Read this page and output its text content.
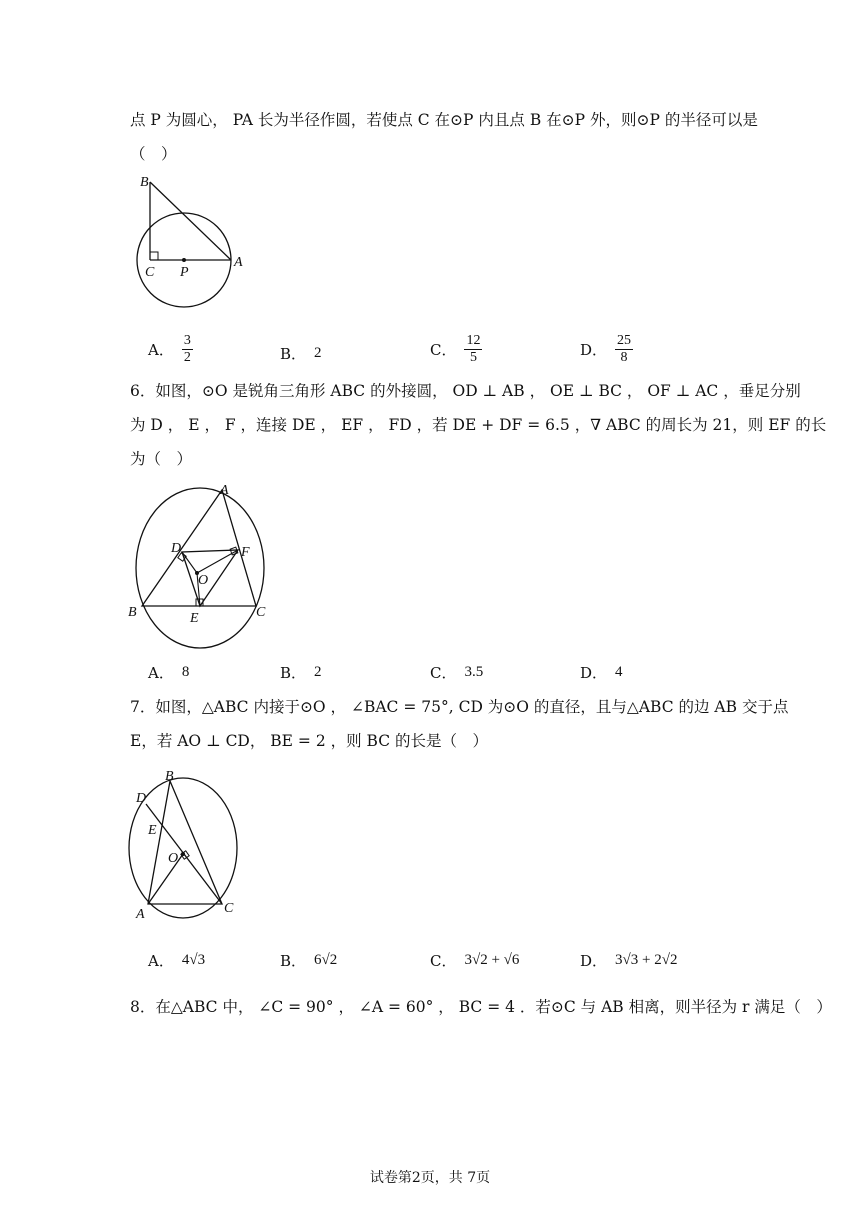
点 P 为圆心， PA 长为半径作圆，若使点 C 在⊙P 内且点 B 在⊙P 外，则⊙P 的半径可以是
（　）
B
C P
A
A． $\frac{3}{2}$	B． 2	C． $\frac{12}{5}$	D． $\frac{25}{8}$
6．如图，⊙O 是锐角三角形 ABC 的外接圆， OD ⊥ AB ， OE ⊥ BC ， OF ⊥ AC ，垂足分别
为 D ， E ， F ，连接 DE ， EF ， FD ，若 DE + DF = 6.5 ，∇ ABC 的周长为 21，则 EF 的长
为（　）
A
B	C
D
E
F
O
A． 8	B． 2	C． 3.5	D． 4
7．如图，△ABC 内接于⊙O ， ∠BAC = 75°, CD 为⊙O 的直径，且与△ABC 的边 AB 交于点
E，若 AO ⊥ CD， BE = 2 ，则 BC 的长是（　）
B
D
E
O
A	C
A． 4√3	B． 6√2	C． 3√2 + √6	D． 3√3 + 2√2
8．在△ABC 中， ∠C = 90° ， ∠A = 60° ， BC = 4 ．若⊙C 与 AB 相离，则半径为 r 满足（　）
试卷第2页，共 7页
